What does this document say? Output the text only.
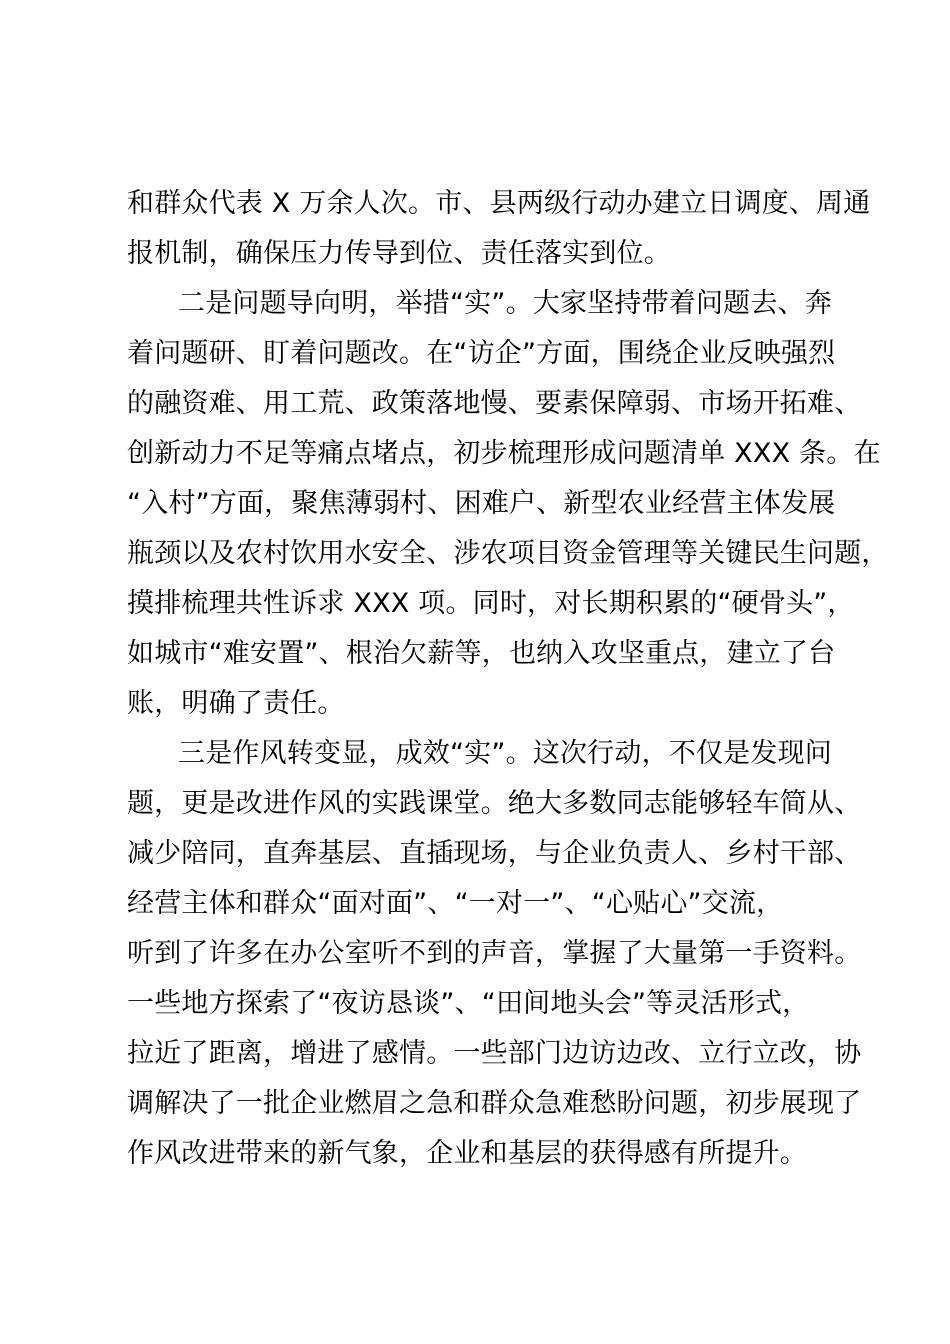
和群众代表 X 万余人次。市、县两级行动办建立日调度、周通

报机制，确保压力传导到位、责任落实到位。

二是问题导向明，举措“实”。大家坚持带着问题去、奔

着问题研、盯着问题改。在“访企”方面，围绕企业反映强烈

的融资难、用工荒、政策落地慢、要素保障弱、市场开拓难、

创新动力不足等痛点堵点，初步梳理形成问题清单 XXX 条。在

“入村”方面，聚焦薄弱村、困难户、新型农业经营主体发展

瓶颈以及农村饮用水安全、涉农项目资金管理等关键民生问题，

摸排梳理共性诉求 XXX 项。同时，对长期积累的“硬骨头”，

如城市“难安置”、根治欠薪等，也纳入攻坚重点，建立了台

账，明确了责任。

三是作风转变显，成效“实”。这次行动，不仅是发现问

题，更是改进作风的实践课堂。绝大多数同志能够轻车简从、

减少陪同，直奔基层、直插现场，与企业负责人、乡村干部、

经营主体和群众“面对面”、“一对一”、“心贴心”交流，

听到了许多在办公室听不到的声音，掌握了大量第一手资料。

一些地方探索了“夜访恳谈”、“田间地头会”等灵活形式，

拉近了距离，增进了感情。一些部门边访边改、立行立改，协

调解决了一批企业燃眉之急和群众急难愁盼问题，初步展现了

作风改进带来的新气象，企业和基层的获得感有所提升。
